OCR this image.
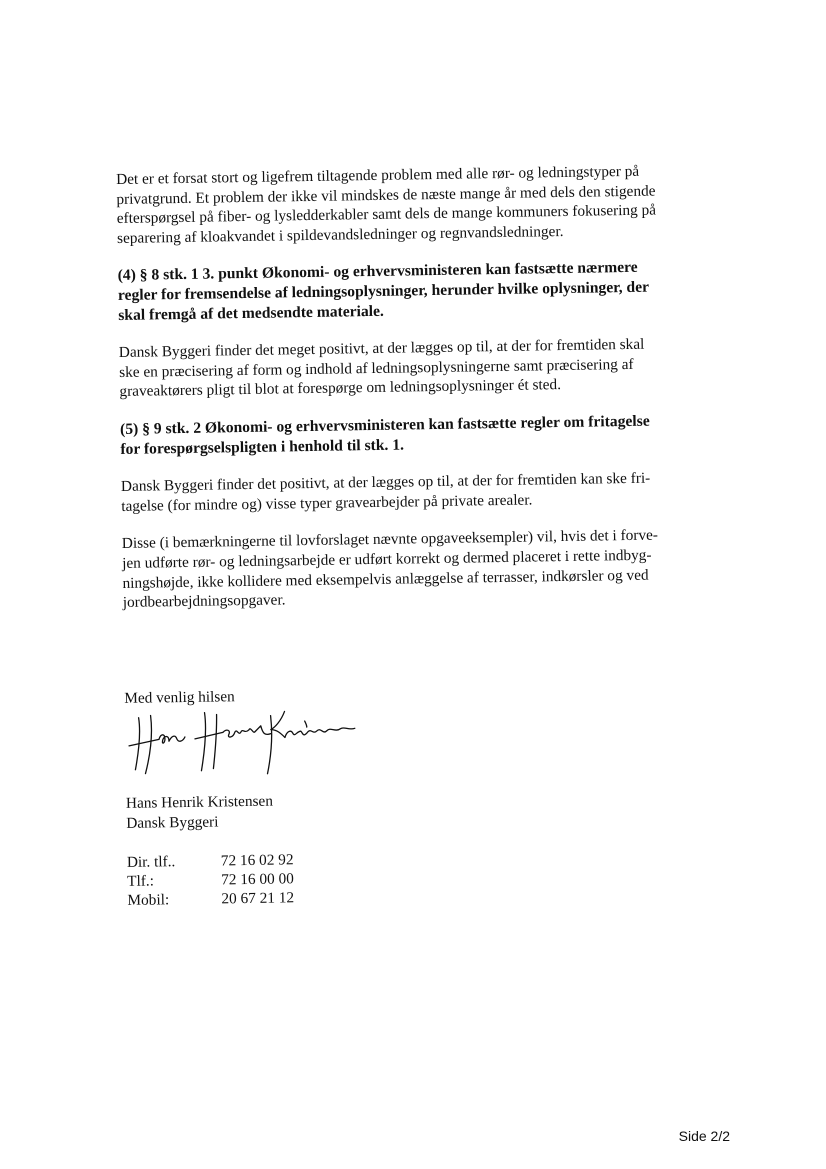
Det er et forsat stort og ligefrem tiltagende problem med alle rør- og ledningstyper på
privatgrund. Et problem der ikke vil mindskes de næste mange år med dels den stigende
efterspørgsel på fiber- og lysledderkabler samt dels de mange kommuners fokusering på
separering af kloakvandet i spildevandsledninger og regnvandsledninger.
(4) § 8 stk. 1 3. punkt Økonomi- og erhvervsministeren kan fastsætte nærmere
regler for fremsendelse af ledningsoplysninger, herunder hvilke oplysninger, der
skal fremgå af det medsendte materiale.
Dansk Byggeri finder det meget positivt, at der lægges op til, at der for fremtiden skal
ske en præcisering af form og indhold af ledningsoplysningerne samt præcisering af
graveaktørers pligt til blot at forespørge om ledningsoplysninger ét sted.
(5) § 9 stk. 2 Økonomi- og erhvervsministeren kan fastsætte regler om fritagelse
for forespørgselspligten i henhold til stk. 1.
Dansk Byggeri finder det positivt, at der lægges op til, at der for fremtiden kan ske fri-
tagelse (for mindre og) visse typer gravearbejder på private arealer.
Disse (i bemærkningerne til lovforslaget nævnte opgaveeksempler) vil, hvis det i forve-
jen udførte rør- og ledningsarbejde er udført korrekt og dermed placeret i rette indbyg-
ningshøjde, ikke kollidere med eksempelvis anlæggelse af terrasser, indkørsler og ved
jordbearbejdningsopgaver.
Med venlig hilsen
Hans Henrik Kristensen
Dansk Byggeri
Dir. tlf..	72 16 02 92
Tlf.:	72 16 00 00
Mobil:	20 67 21 12
Side 2/2
